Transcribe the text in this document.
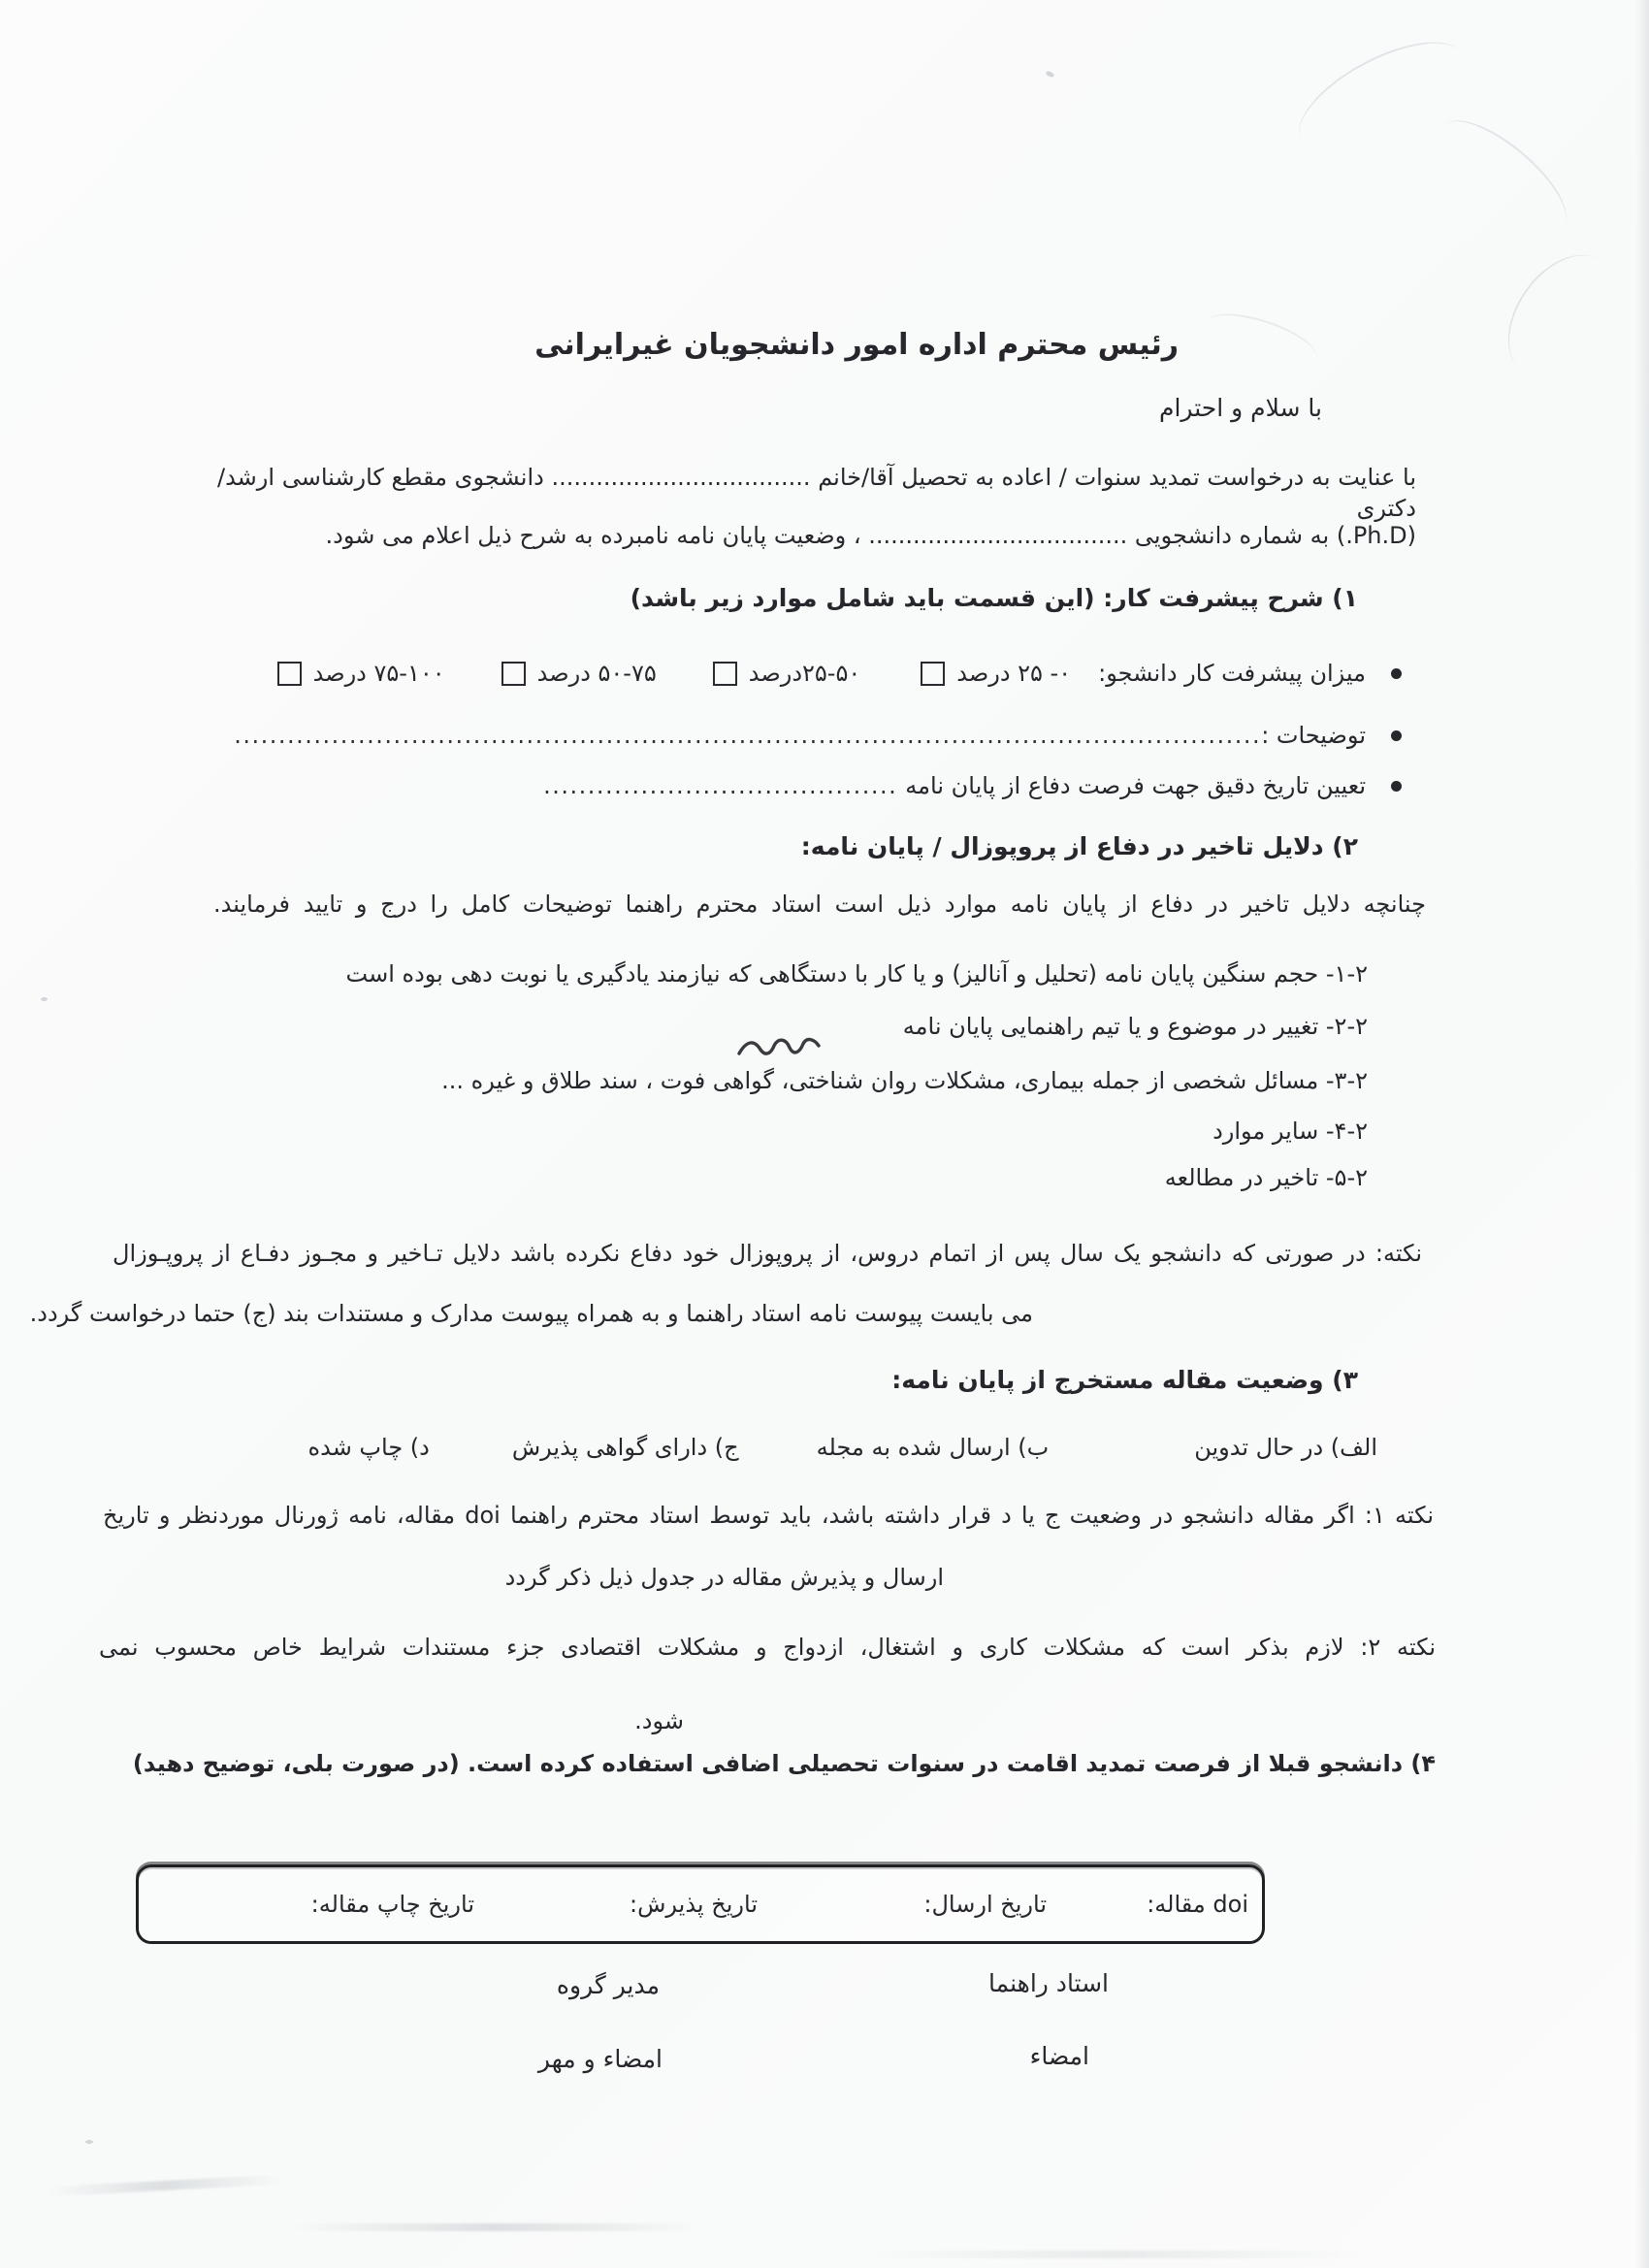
رئیس محترم اداره امور دانشجویان غیرایرانی
با سلام و احترام
با عنایت به درخواست تمدید سنوات / اعاده به تحصیل آقا/خانم ................................... دانشجوی مقطع کارشناسی ارشد/ دکتری
(Ph.D.) به شماره دانشجویی ................................... ، وضعیت پایان نامه نامبرده به شرح ذیل اعلام می شود.
۱) شرح پیشرفت کار: (این قسمت باید شامل موارد زیر باشد)
میزان پیشرفت کار دانشجو:
۰- ۲۵ درصد
۲۵-۵۰درصد
۵۰-۷۵ درصد
۷۵-۱۰۰ درصد
توضیحات :
....................................................................................................................
تعیین تاریخ دقیق جهت فرصت دفاع از پایان نامه
........................................
۲) دلایل تاخیر در دفاع از پروپوزال / پایان نامه:
چنانچه دلایل تاخیر در دفاع از پایان نامه موارد ذیل است استاد محترم راهنما توضیحات کامل را درج و تایید فرمایند.
۱-۲- حجم سنگین پایان نامه (تحلیل و آنالیز) و یا کار با دستگاهی که نیازمند یادگیری یا نوبت دهی بوده است
۲-۲- تغییر در موضوع و یا تیم راهنمایی پایان نامه
۳-۲- مسائل شخصی از جمله بیماری، مشکلات روان شناختی، گواهی فوت ، سند طلاق و غیره ...
۴-۲- سایر موارد
۵-۲- تاخیر در مطالعه
نکته: در صورتی که دانشجو یک سال پس از اتمام دروس، از پروپوزال خود دفاع نکرده باشد دلایل تـاخیر و مجـوز دفـاع از پروپـوزال
می بایست پیوست نامه استاد راهنما و به همراه پیوست مدارک و مستندات بند (ج) حتما درخواست گردد.
۳) وضعیت مقاله مستخرج از پایان نامه:
الف) در حال تدوین
ب) ارسال شده به مجله
ج) دارای گواهی پذیرش
د) چاپ شده
نکته ۱: اگر مقاله دانشجو در وضعیت ج یا د قرار داشته باشد، باید توسط استاد محترم راهنما doi مقاله، نامه ژورنال موردنظر و تاریخ
ارسال و پذیرش مقاله در جدول ذیل ذکر گردد
نکته ۲: لازم بذکر است که مشکلات کاری و اشتغال، ازدواج و مشکلات اقتصادی جزء مستندات شرایط خاص محسوب نمی
شود.
۴) دانشجو قبلا از فرصت تمدید اقامت در سنوات تحصیلی اضافی استفاده کرده است. (در صورت بلی، توضیح دهید)
doi مقاله:
تاریخ ارسال:
تاریخ پذیرش:
تاریخ چاپ مقاله:
استاد راهنما
مدیر گروه
امضاء
امضاء و مهر
